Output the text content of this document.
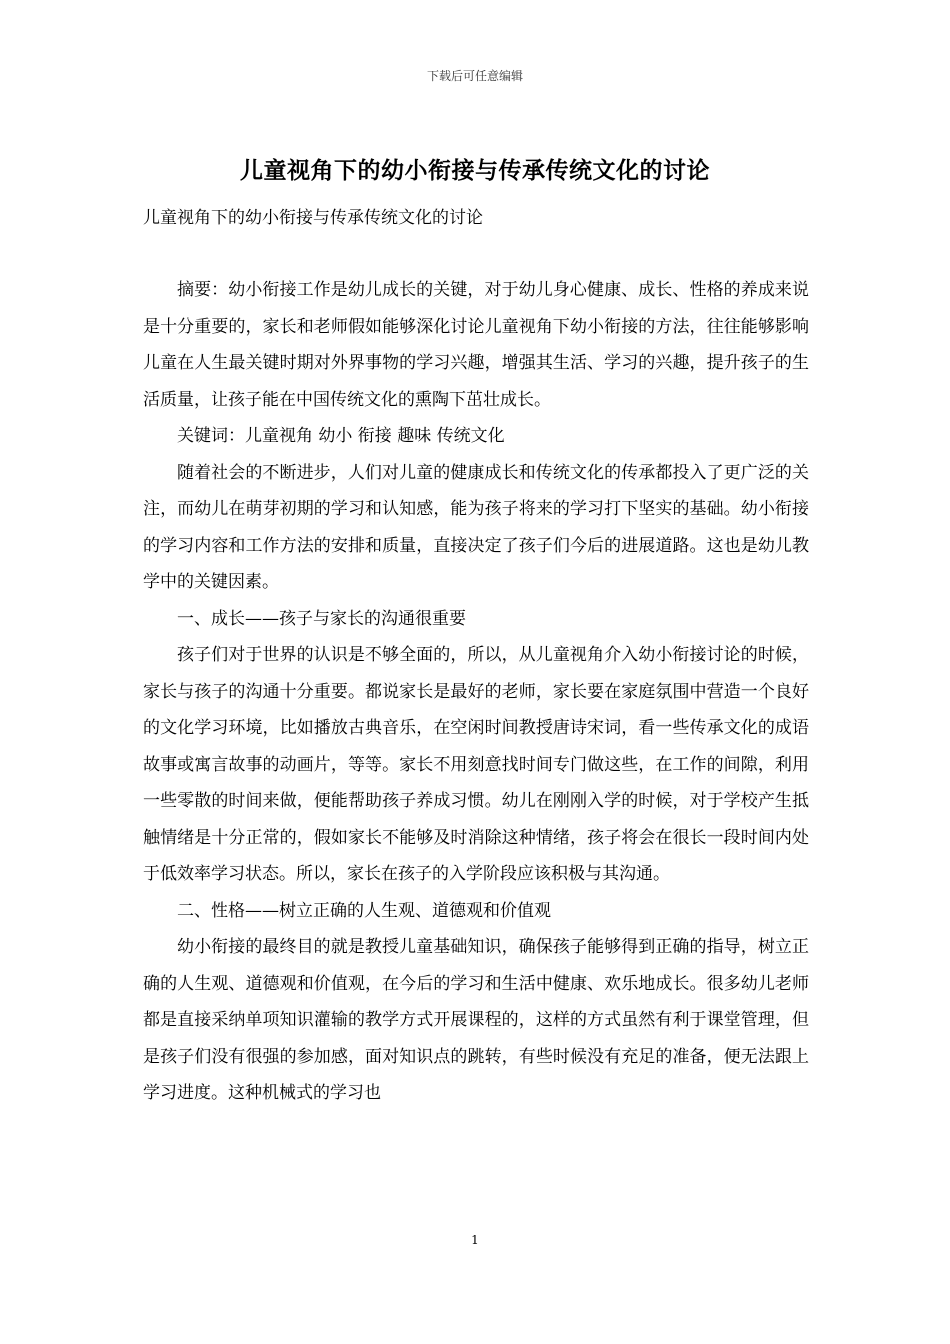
下载后可任意编辑
儿童视角下的幼小衔接与传承传统文化的讨论
儿童视角下的幼小衔接与传承传统文化的讨论

摘要：幼小衔接工作是幼儿成长的关键，对于幼儿身心健康、成长、性格的养成来说是十分重要的，家长和老师假如能够深化讨论儿童视角下幼小衔接的方法，往往能够影响儿童在人生最关键时期对外界事物的学习兴趣，增强其生活、学习的兴趣，提升孩子的生活质量，让孩子能在中国传统文化的熏陶下茁壮成长。

关键词：儿童视角 幼小 衔接 趣味 传统文化

随着社会的不断进步，人们对儿童的健康成长和传统文化的传承都投入了更广泛的关注，而幼儿在萌芽初期的学习和认知感，能为孩子将来的学习打下坚实的基础。幼小衔接的学习内容和工作方法的安排和质量，直接决定了孩子们今后的进展道路。这也是幼儿教学中的关键因素。

一、成长——孩子与家长的沟通很重要

孩子们对于世界的认识是不够全面的，所以，从儿童视角介入幼小衔接讨论的时候，家长与孩子的沟通十分重要。都说家长是最好的老师，家长要在家庭氛围中营造一个良好的文化学习环境，比如播放古典音乐，在空闲时间教授唐诗宋词，看一些传承文化的成语故事或寓言故事的动画片，等等。家长不用刻意找时间专门做这些，在工作的间隙，利用一些零散的时间来做，便能帮助孩子养成习惯。幼儿在刚刚入学的时候，对于学校产生抵触情绪是十分正常的，假如家长不能够及时消除这种情绪，孩子将会在很长一段时间内处于低效率学习状态。所以，家长在孩子的入学阶段应该积极与其沟通。

二、性格——树立正确的人生观、道德观和价值观

幼小衔接的最终目的就是教授儿童基础知识，确保孩子能够得到正确的指导，树立正确的人生观、道德观和价值观，在今后的学习和生活中健康、欢乐地成长。很多幼儿老师都是直接采纳单项知识灌输的教学方式开展课程的，这样的方式虽然有利于课堂管理，但是孩子们没有很强的参加感，面对知识点的跳转，有些时候没有充足的准备，便无法跟上学习进度。这种机械式的学习也

1
